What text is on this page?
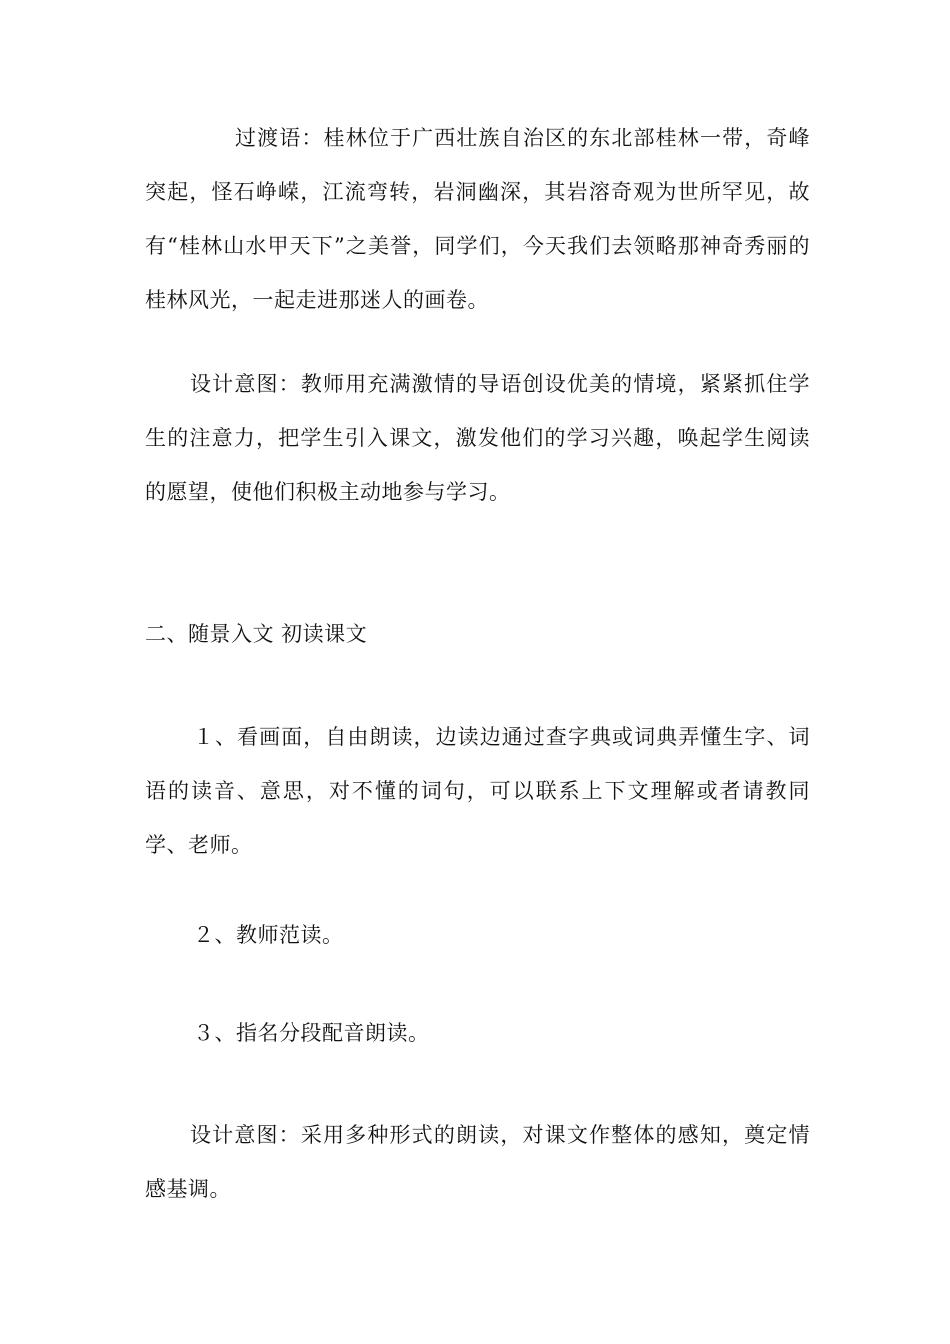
过渡语：桂林位于广西壮族自治区的东北部桂林一带，奇峰突起，怪石峥嵘，江流弯转，岩洞幽深，其岩溶奇观为世所罕见，故有“桂林山水甲天下”之美誉，同学们，今天我们去领略那神奇秀丽的桂林风光，一起走进那迷人的画卷。

设计意图：教师用充满激情的导语创设优美的情境，紧紧抓住学生的注意力，把学生引入课文，激发他们的学习兴趣，唤起学生阅读的愿望，使他们积极主动地参与学习。

二、随景入文 初读课文

１、看画面，自由朗读，边读边通过查字典或词典弄懂生字、词语的读音、意思，对不懂的词句，可以联系上下文理解或者请教同学、老师。

２、教师范读。

３、指名分段配音朗读。

设计意图：采用多种形式的朗读，对课文作整体的感知，奠定情感基调。
